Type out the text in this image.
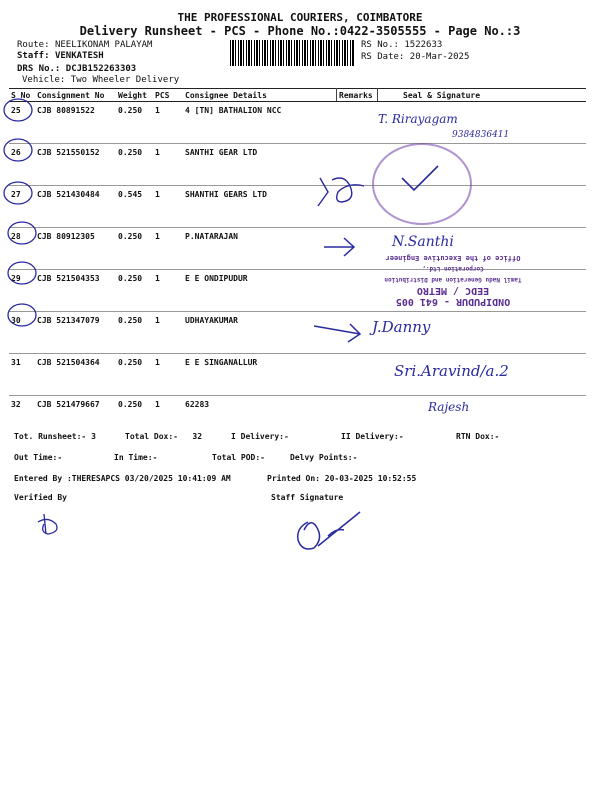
THE PROFESSIONAL COURIERS, COIMBATORE
Delivery Runsheet - PCS - Phone No.:0422-3505555 - Page No.:3
Route: NEELIKONAM PALAYAM
Staff: VENKATESH
DRS No.: DCJB152263303
Vehicle: Two Wheeler Delivery
RS No.: 1522633
RS Date: 20-Mar-2025
S No	Consignment No	Weight	PCS	Consignee Details	Remarks	Seal & Signature
25	CJB 80891522	0.250	1	4 [TN] BATHALION NCC		
26	CJB 521550152	0.250	1	SANTHI GEAR LTD		
27	CJB 521430484	0.545	1	SHANTHI GEARS LTD		
28	CJB 80912305	0.250	1	P.NATARAJAN		
29	CJB 521504353	0.250	1	E E ONDIPUDUR		
30	CJB 521347079	0.250	1	UDHAYAKUMAR		
31	CJB 521504364	0.250	1	E E SINGANALLUR		
32	CJB 521479667	0.250	1	62283		
T. Rirayagam
9384836411
N.Santhi
ONDIPUDUR - 641 005
EEDC / METRO
Tamil Nadu Generation and Distribution Corporation Ltd.,
Office of the Executive Engineer
J.Danny
Sri.Aravind/a.2
Rajesh
Tot. Runsheet:- 3	Total Dox:-   32	I Delivery:-	II Delivery:-	RTN Dox:-
Out Time:-	In Time:-	Total POD:-	Delvy Points:-
Entered By :THERESAPCS 03/20/2025 10:41:09 AM	Printed On: 20-03-2025 10:52:55
Verified By	Staff Signature
